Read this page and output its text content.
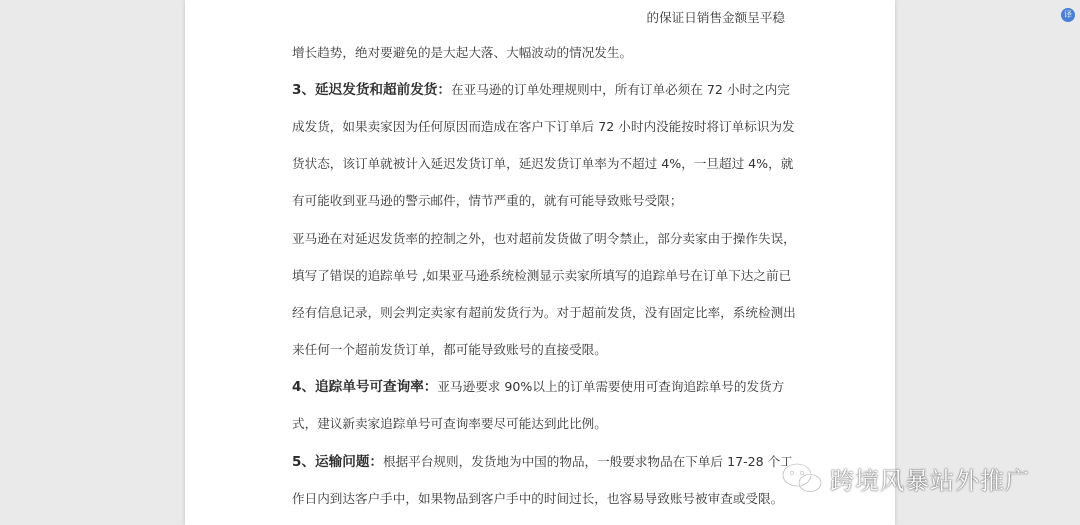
的保证日销售金额呈平稳
增长趋势，绝对要避免的是大起大落、大幅波动的情况发生。
3、延迟发货和超前发货：在亚马逊的订单处理规则中，所有订单必须在 72 小时之内完
成发货，如果卖家因为任何原因而造成在客户下订单后 72 小时内没能按时将订单标识为发
货状态，该订单就被计入延迟发货订单，延迟发货订单率为不超过 4%，一旦超过 4%，就
有可能收到亚马逊的警示邮件，情节严重的，就有可能导致账号受限；
亚马逊在对延迟发货率的控制之外，也对超前发货做了明令禁止，部分卖家由于操作失误，
填写了错误的追踪单号 ,如果亚马逊系统检测显示卖家所填写的追踪单号在订单下达之前已
经有信息记录，则会判定卖家有超前发货行为。对于超前发货，没有固定比率，系统检测出
来任何一个超前发货订单，都可能导致账号的直接受限。
4、追踪单号可查询率：亚马逊要求 90%以上的订单需要使用可查询追踪单号的发货方
式，建议新卖家追踪单号可查询率要尽可能达到此比例。
5、运输问题：根据平台规则，发货地为中国的物品，一般要求物品在下单后 17-28 个工
作日内到达客户手中，如果物品到客户手中的时间过长，也容易导致账号被审查或受限。
译
跨境风暴站外推广
